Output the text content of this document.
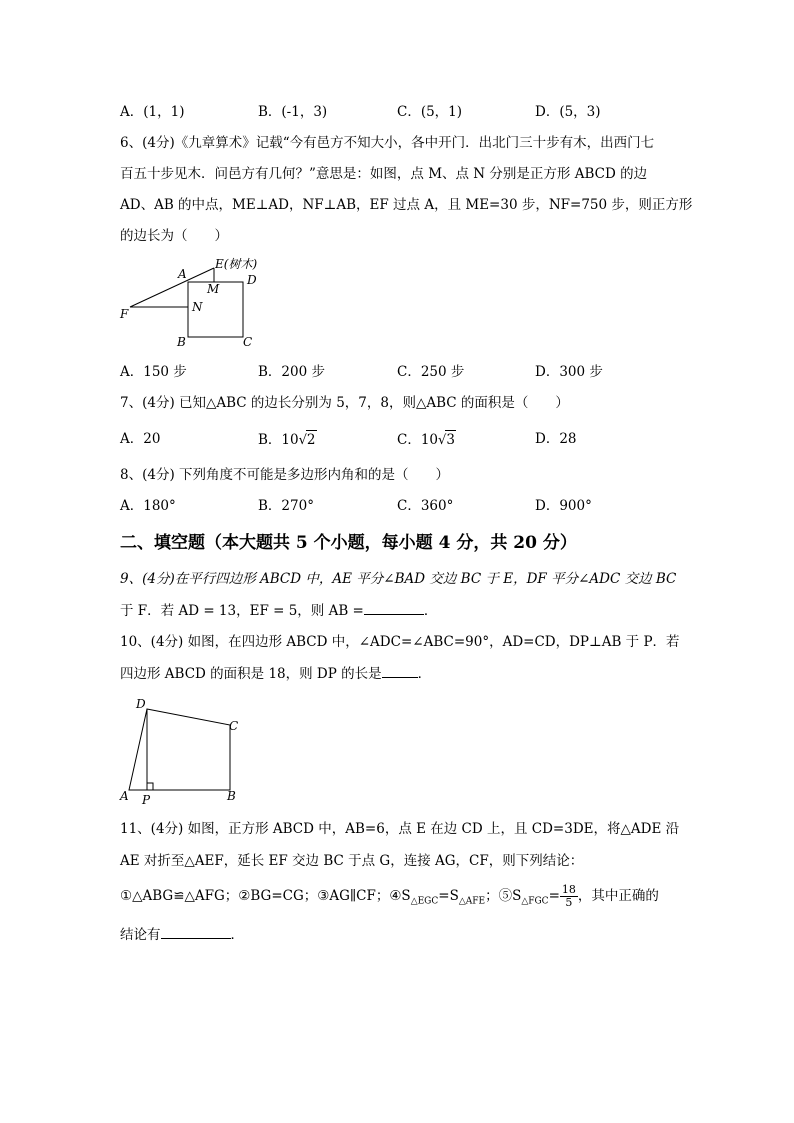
A．(1，1)	B．(-1，3)	C．(5，1)	D．(5，3)
6、(4分)《九章算术》记载“今有邑方不知大小，各中开门．出北门三十步有木，出西门七
百五十步见木．问邑方有几何？”意思是：如图，点 M、点 N 分别是正方形 ABCD 的边
AD、AB 的中点，ME⊥AD，NF⊥AB，EF 过点 A，且 ME=30 步，NF=750 步，则正方形
的边长为（　　）
A
E(树木)
M
D
N
F
B	C
A．150 步	B．200 步	C．250 步	D．300 步
7、(4分) 已知△ABC 的边长分别为 5，7，8，则△ABC 的面积是（　　）
A．20	B．10√2	C．10√3	D．28
8、(4分) 下列角度不可能是多边形内角和的是（　　）
A．180°	B．270°	C．360°	D．900°
二、填空题（本大题共 5 个小题，每小题 4 分，共 20 分）
9、(4分)在平行四边形 ABCD 中，AE 平分∠BAD 交边 BC 于 E，DF 平分∠ADC 交边 BC
于 F．若 AD = 13，EF = 5，则 AB =	．
10、(4分) 如图，在四边形 ABCD 中，∠ADC=∠ABC=90°，AD=CD，DP⊥AB 于 P．若
四边形 ABCD 的面积是 18，则 DP 的长是	．
D
C
A P	B
11、(4分) 如图，正方形 ABCD 中，AB=6，点 E 在边 CD 上，且 CD=3DE，将△ADE 沿
AE 对折至△AEF，延长 EF 交边 BC 于点 G，连接 AG，CF，则下列结论：
①△ABG≌△AFG；②BG=CG；③AG∥CF；$④S_{\triangle EGC}=S_{\triangle AFE}$；$⑤S_{\triangle FGC}= \frac{18}{5}$ ，其中正确的
结论有	．
